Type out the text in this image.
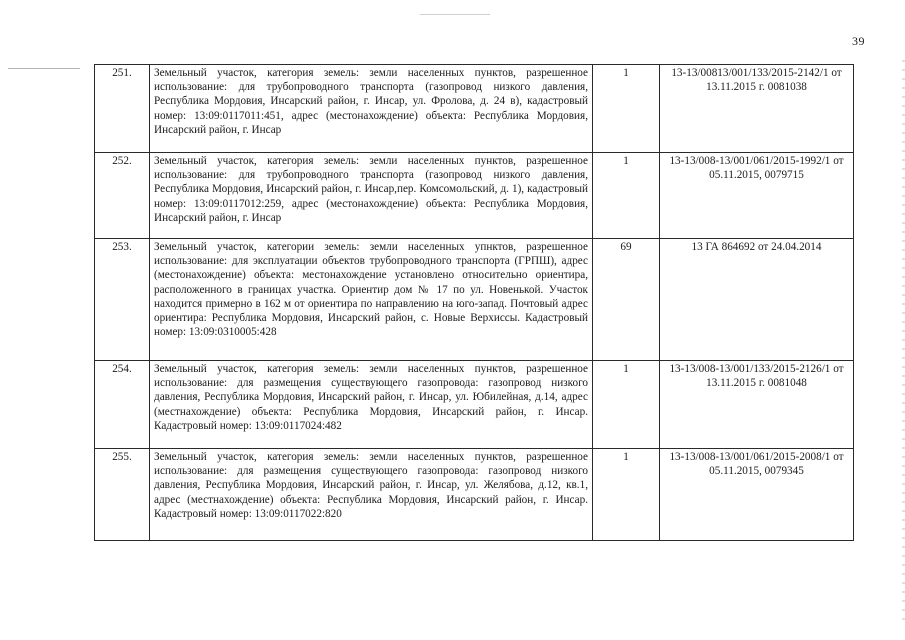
39
251.	Земельный участок, категория земель: земли населенных пунктов, разрешенное использование: для трубопроводного транспорта (газопровод низкого давления, Республика Мордовия, Инсарский район, г. Инсар, ул. Фролова, д. 24 в), кадастровый номер: 13:09:0117011:451, адрес (местонахождение) объекта: Республика Мордовия, Инсарский район, г. Инсар	1	13-13/00813/001/133/2015-2142/1 от 13.11.2015 г. 0081038
252.	Земельный участок, категория земель: земли населенных пунктов, разрешенное использование: для трубопроводного транспорта (газопровод низкого давления, Республика Мордовия, Инсарский район, г. Инсар,пер. Комсомольский, д. 1), кадастровый номер: 13:09:0117012:259, адрес (местонахождение) объекта: Республика Мордовия, Инсарский район, г. Инсар	1	13-13/008-13/001/061/2015-1992/1 от 05.11.2015, 0079715
253.	Земельный участок, категории земель: земли населенных упнктов, разрешенное использование: для эксплуатации объектов трубопроводного транспорта (ГРПШ), адрес (местонахождение) объекта: местонахождение установлено относительно ориентира, расположенного в границах участка. Ориентир дом № 17 по ул. Новенькой. Участок находится примерно в 162 м от ориентира по направлению на юго-запад. Почтовый адрес ориентира: Республика Мордовия, Инсарский район, с. Новые Верхиссы. Кадастровый номер: 13:09:0310005:428	69	13 ГА 864692 от 24.04.2014
254.	Земельный участок, категория земель: земли населенных пунктов, разрешенное использование: для размещения существующего газопровода: газопровод низкого давления, Республика Мордовия, Инсарский район, г. Инсар, ул. Юбилейная, д.14, адрес (местнахождение) объекта: Республика Мордовия, Инсарский район, г. Инсар. Кадастровый номер: 13:09:0117024:482	1	13-13/008-13/001/133/2015-2126/1 от 13.11.2015 г. 0081048
255.	Земельный участок, категория земель: земли населенных пунктов, разрешенное использование: для размещения существующего газопровода: газопровод низкого давления, Республика Мордовия, Инсарский район, г. Инсар, ул. Желябова, д.12, кв.1, адрес (местнахождение) объекта: Республика Мордовия, Инсарский район, г. Инсар. Кадастровый номер: 13:09:0117022:820	1	13-13/008-13/001/061/2015-2008/1 от 05.11.2015, 0079345
